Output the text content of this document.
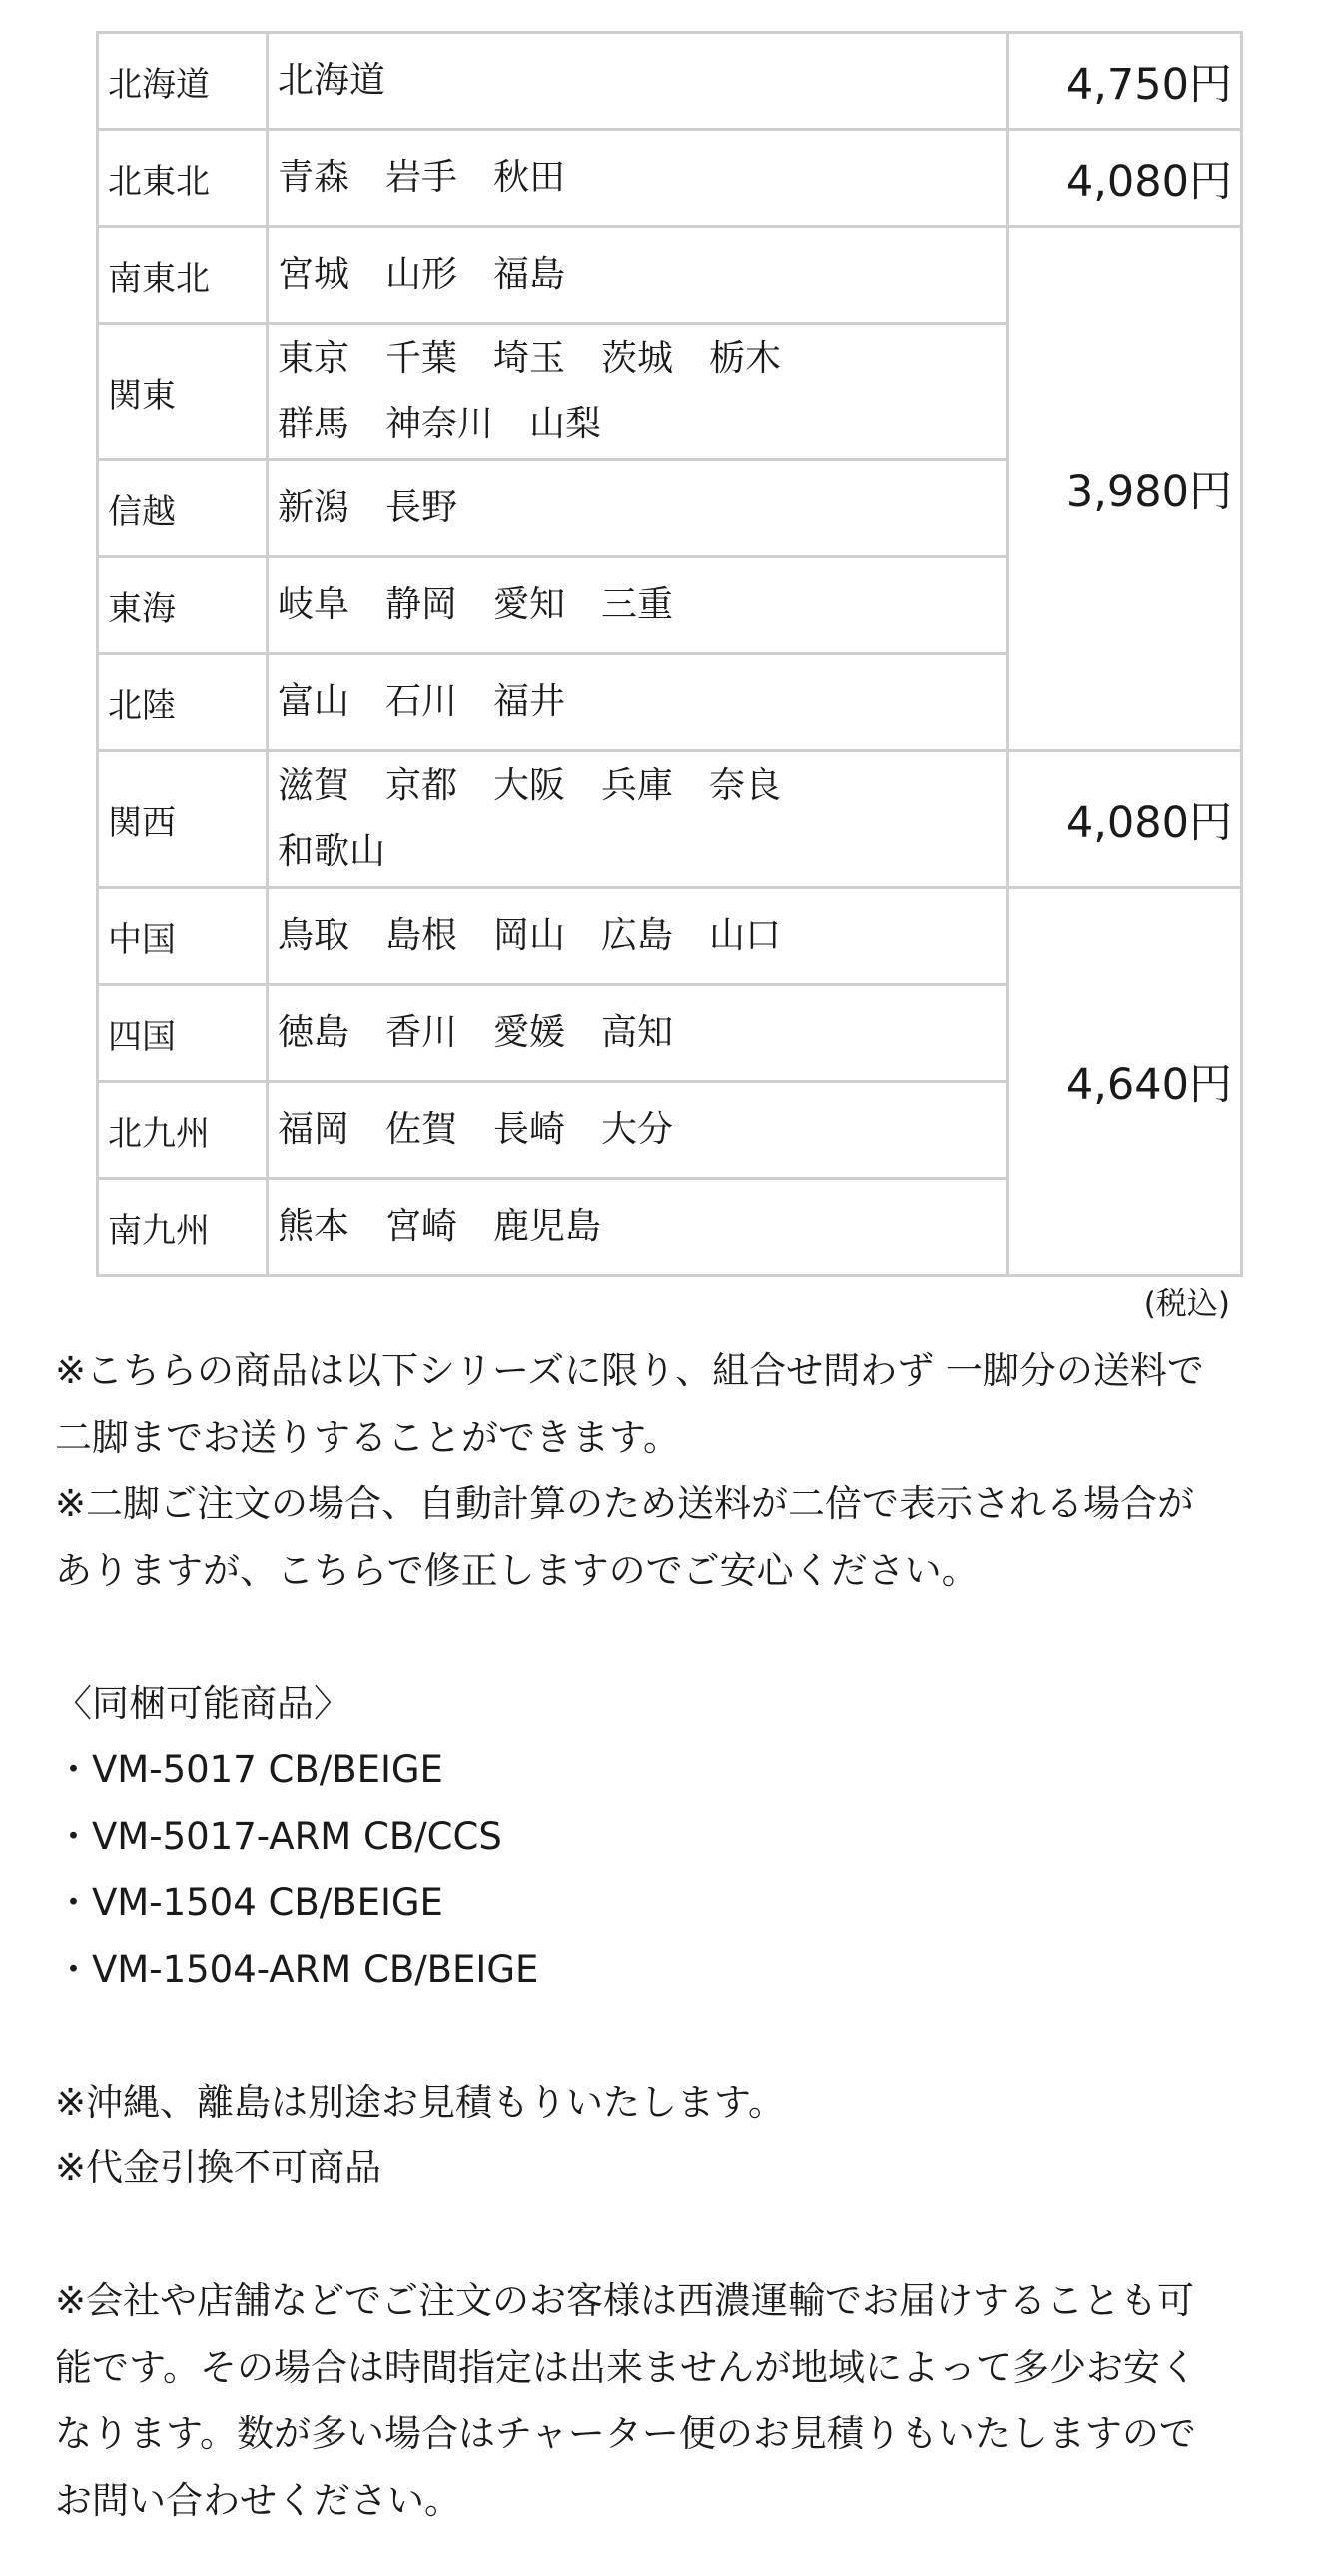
北海道	北海道	4,750円
北東北	青森　岩手　秋田	4,080円
南東北	宮城　山形　福島	3,980円
関東	東京　千葉　埼玉　茨城　栃木
群馬　神奈川　山梨	

信越	新潟　長野	

東海	岐阜　静岡　愛知　三重	

北陸	富山　石川　福井	

関西	滋賀　京都　大阪　兵庫　奈良
和歌山	4,080円
中国	鳥取　島根　岡山　広島　山口	4,640円
四国	徳島　香川　愛媛　高知	

北九州	福岡　佐賀　長崎　大分	

南九州	熊本　宮崎　鹿児島	
(税込)
※こちらの商品は以下シリーズに限り、組合せ問わず 一脚分の送料で
二脚までお送りすることができます。
※二脚ご注文の場合、自動計算のため送料が二倍で表示される場合が
ありますが、こちらで修正しますのでご安心ください。
〈同梱可能商品〉
・VM-5017 CB/BEIGE
・VM-5017-ARM CB/CCS
・VM-1504 CB/BEIGE
・VM-1504-ARM CB/BEIGE
※沖縄、離島は別途お見積もりいたします。
※代金引換不可商品
※会社や店舗などでご注文のお客様は西濃運輸でお届けすることも可
能です。その場合は時間指定は出来ませんが地域によって多少お安く
なります。数が多い場合はチャーター便のお見積りもいたしますので
お問い合わせください。
